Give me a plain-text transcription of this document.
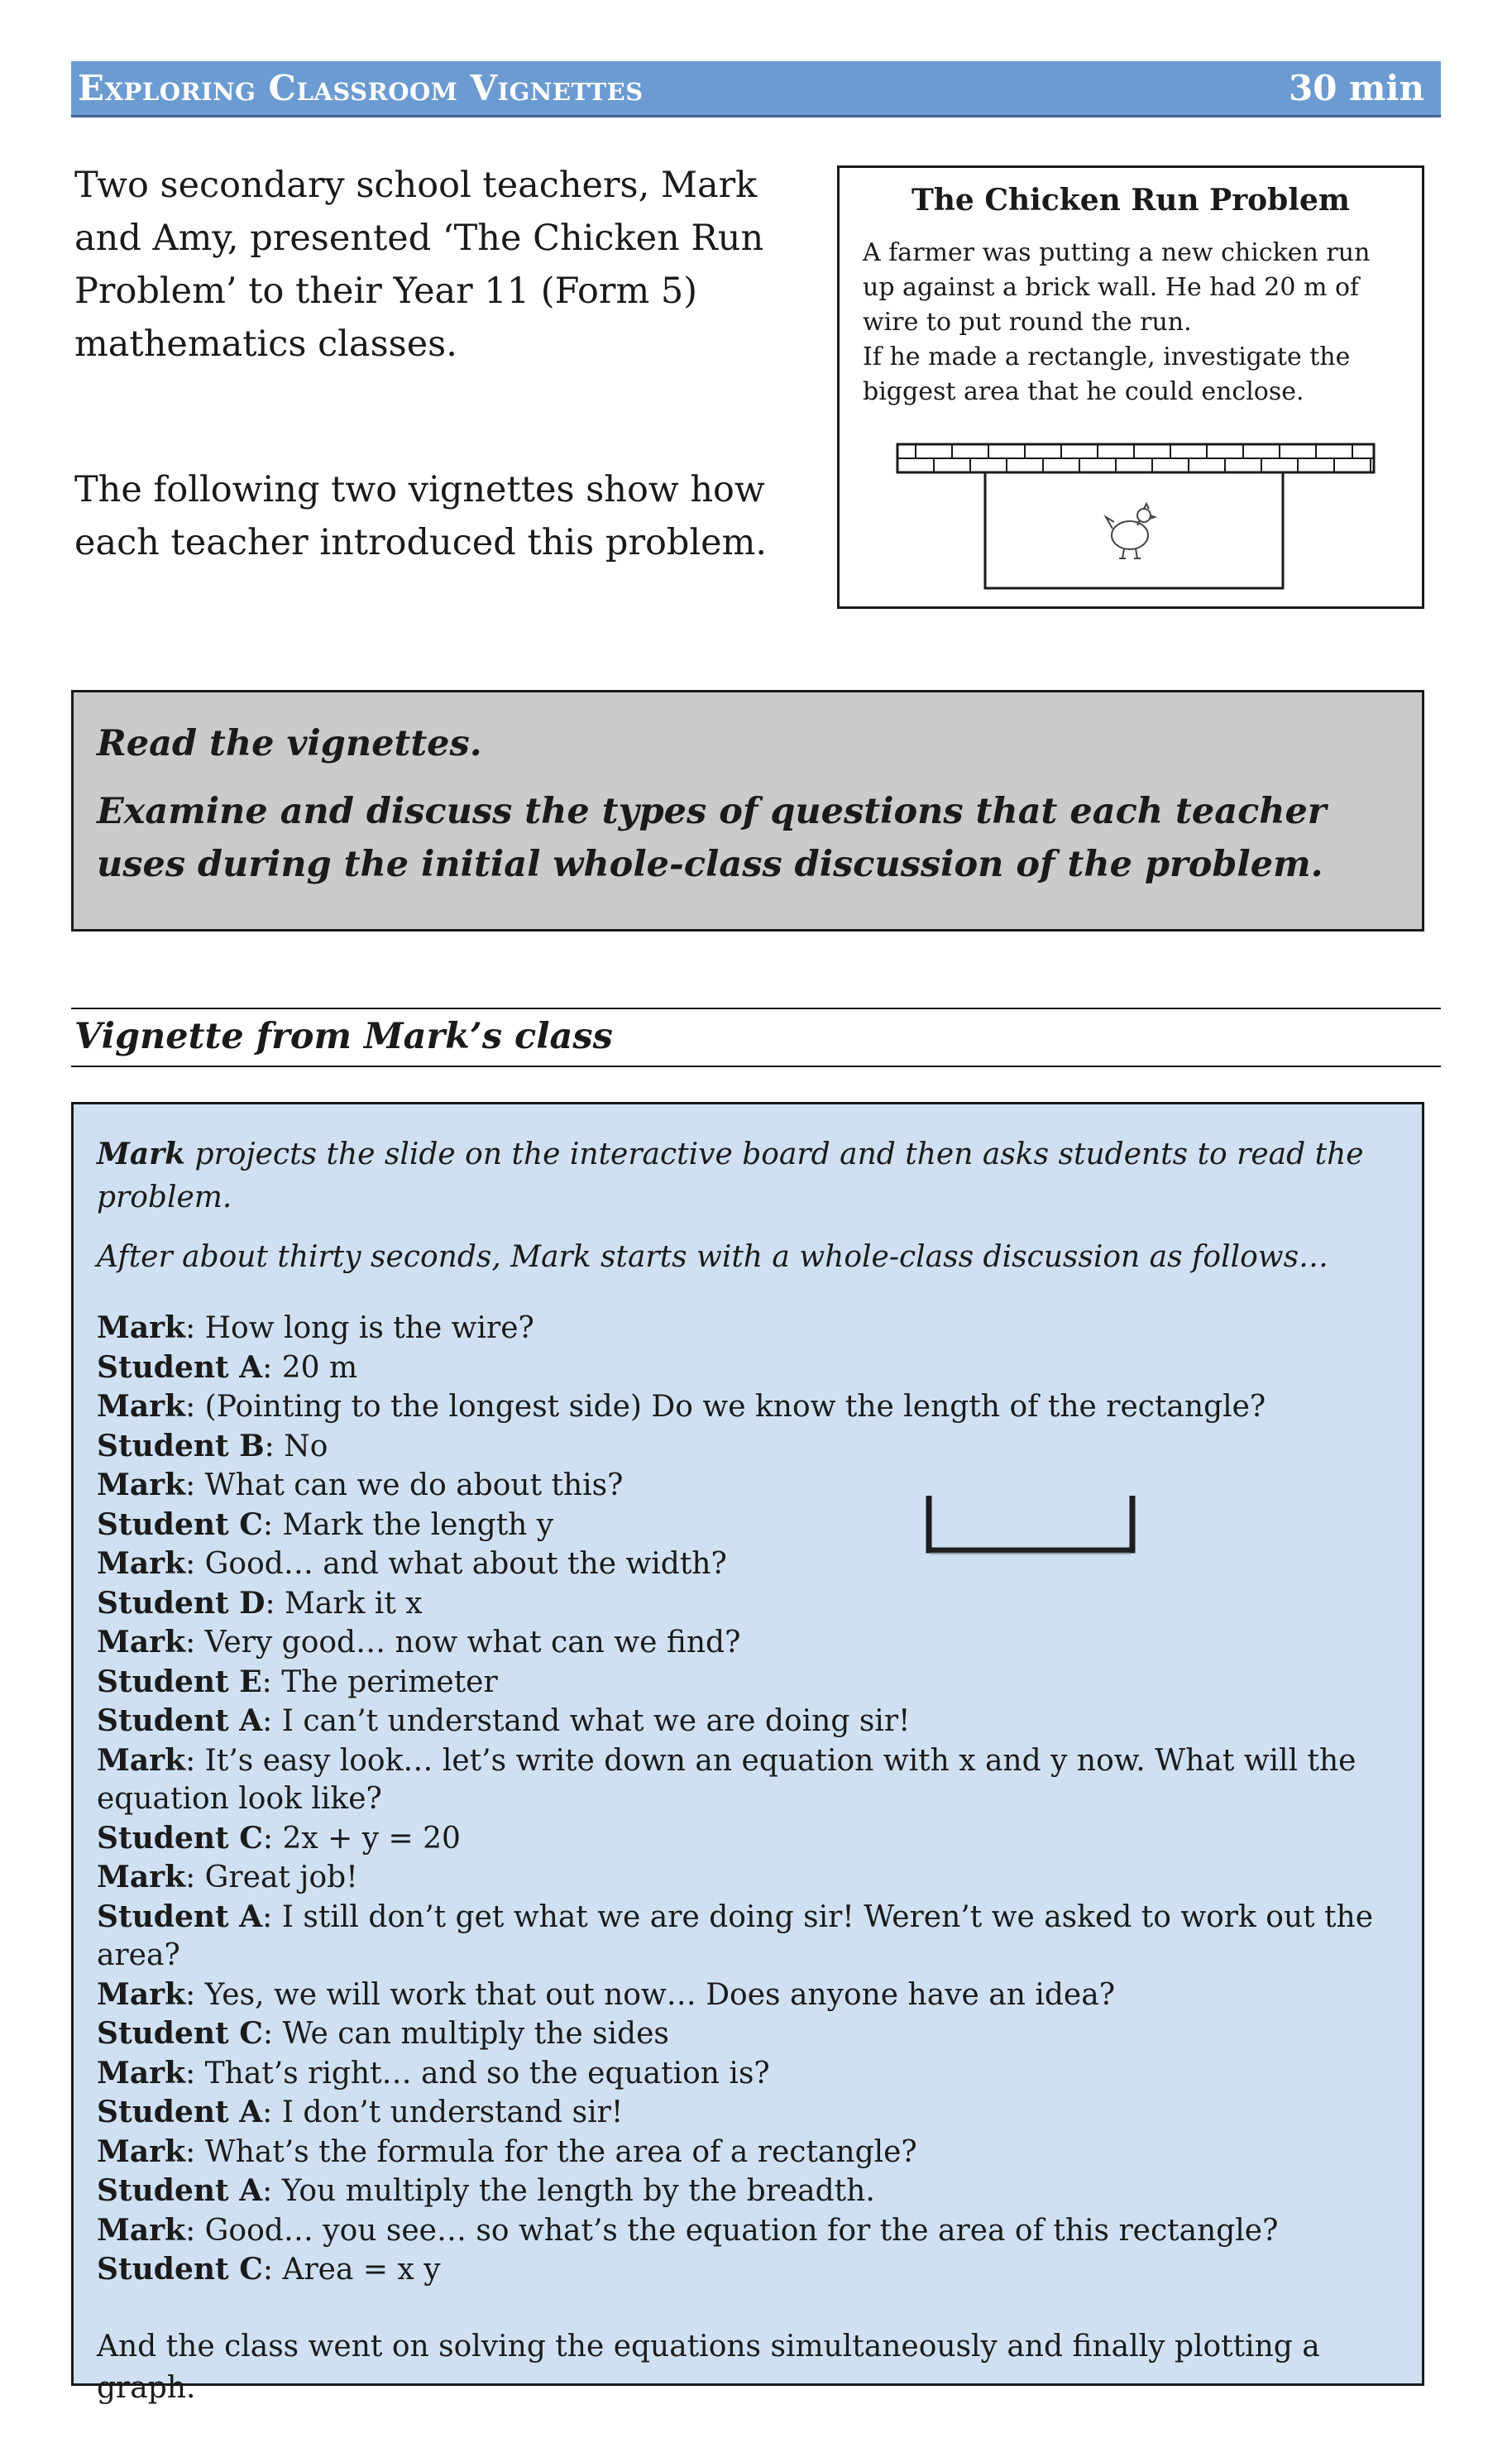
Exploring Classroom Vignettes	30 min

Two secondary school teachers, Mark and Amy, presented ‘The Chicken Run Problem’ to their Year 11 (Form 5) mathematics classes.

The following two vignettes show how each teacher introduced this problem.

The Chicken Run Problem

A farmer was putting a new chicken run up against a brick wall. He had 20 m of wire to put round the run.

If he made a rectangle, investigate the biggest area that he could enclose.

Read the vignettes.

Examine and discuss the types of questions that each teacher uses during the initial whole-class discussion of the problem.

Vignette from Mark’s class

Mark projects the slide on the interactive board and then asks students to read the problem.

After about thirty seconds, Mark starts with a whole-class discussion as follows…

Mark: How long is the wire?
Student A: 20 m
Mark: (Pointing to the longest side) Do we know the length of the rectangle?
Student B: No
Mark: What can we do about this?
Student C: Mark the length y
Mark: Good… and what about the width?
Student D: Mark it x
Mark: Very good… now what can we find?
Student E: The perimeter
Student A: I can’t understand what we are doing sir!
Mark: It’s easy look… let’s write down an equation with x and y now. What will the equation look like?
Student C: 2x + y = 20
Mark: Great job!
Student A: I still don’t get what we are doing sir! Weren’t we asked to work out the area?
Mark: Yes, we will work that out now… Does anyone have an idea?
Student C: We can multiply the sides
Mark: That’s right… and so the equation is?
Student A: I don’t understand sir!
Mark: What’s the formula for the area of a rectangle?
Student A: You multiply the length by the breadth.
Mark: Good… you see… so what’s the equation for the area of this rectangle?
Student C: Area = x y
And the class went on solving the equations simultaneously and finally plotting a graph.
